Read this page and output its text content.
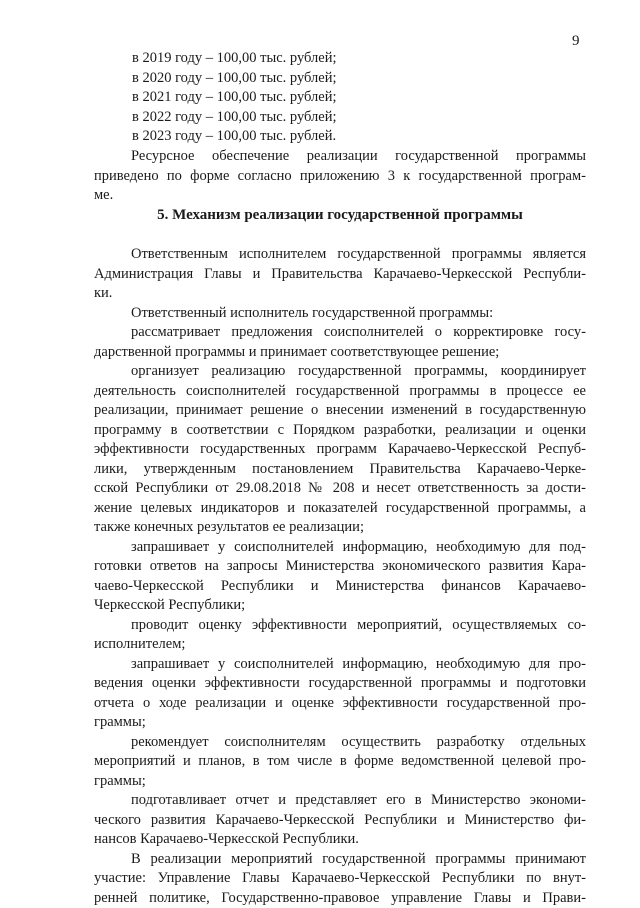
9
в 2019 году – 100,00 тыс. рублей;
в 2020 году – 100,00 тыс. рублей;
в 2021 году – 100,00 тыс. рублей;
в 2022 году – 100,00 тыс. рублей;
в 2023 году – 100,00 тыс. рублей.
Ресурсное обеспечение реализации государственной программы
приведено по форме согласно приложению 3 к государственной програм-
ме.
5. Механизм реализации государственной программы
Ответственным исполнителем государственной программы является
Администрация Главы и Правительства Карачаево-Черкесской Республи-
ки.
Ответственный исполнитель государственной программы:
рассматривает предложения соисполнителей о корректировке госу-
дарственной программы и принимает соответствующее решение;
организует реализацию государственной программы, координирует
деятельность соисполнителей государственной программы в процессе ее
реализации, принимает решение о внесении изменений в государственную
программу в соответствии с Порядком разработки, реализации и оценки
эффективности государственных программ Карачаево-Черкесской Респуб-
лики, утвержденным постановлением Правительства Карачаево-Черке-
сской Республики от 29.08.2018 № 208 и несет ответственность за дости-
жение целевых индикаторов и показателей государственной программы, а
также конечных результатов ее реализации;
запрашивает у соисполнителей информацию, необходимую для под-
готовки ответов на запросы Министерства экономического развития Кара-
чаево-Черкесской Республики и Министерства финансов Карачаево-
Черкесской Республики;
проводит оценку эффективности мероприятий, осуществляемых со-
исполнителем;
запрашивает у соисполнителей информацию, необходимую для про-
ведения оценки эффективности государственной программы и подготовки
отчета о ходе реализации и оценке эффективности государственной про-
граммы;
рекомендует соисполнителям осуществить разработку отдельных
мероприятий и планов, в том числе в форме ведомственной целевой про-
граммы;
подготавливает отчет и представляет его в Министерство экономи-
ческого развития Карачаево-Черкесской Республики и Министерство фи-
нансов Карачаево-Черкесской Республики.
В реализации мероприятий государственной программы принимают
участие: Управление Главы Карачаево-Черкесской Республики по внут-
ренней политике, Государственно-правовое управление Главы и Прави-
